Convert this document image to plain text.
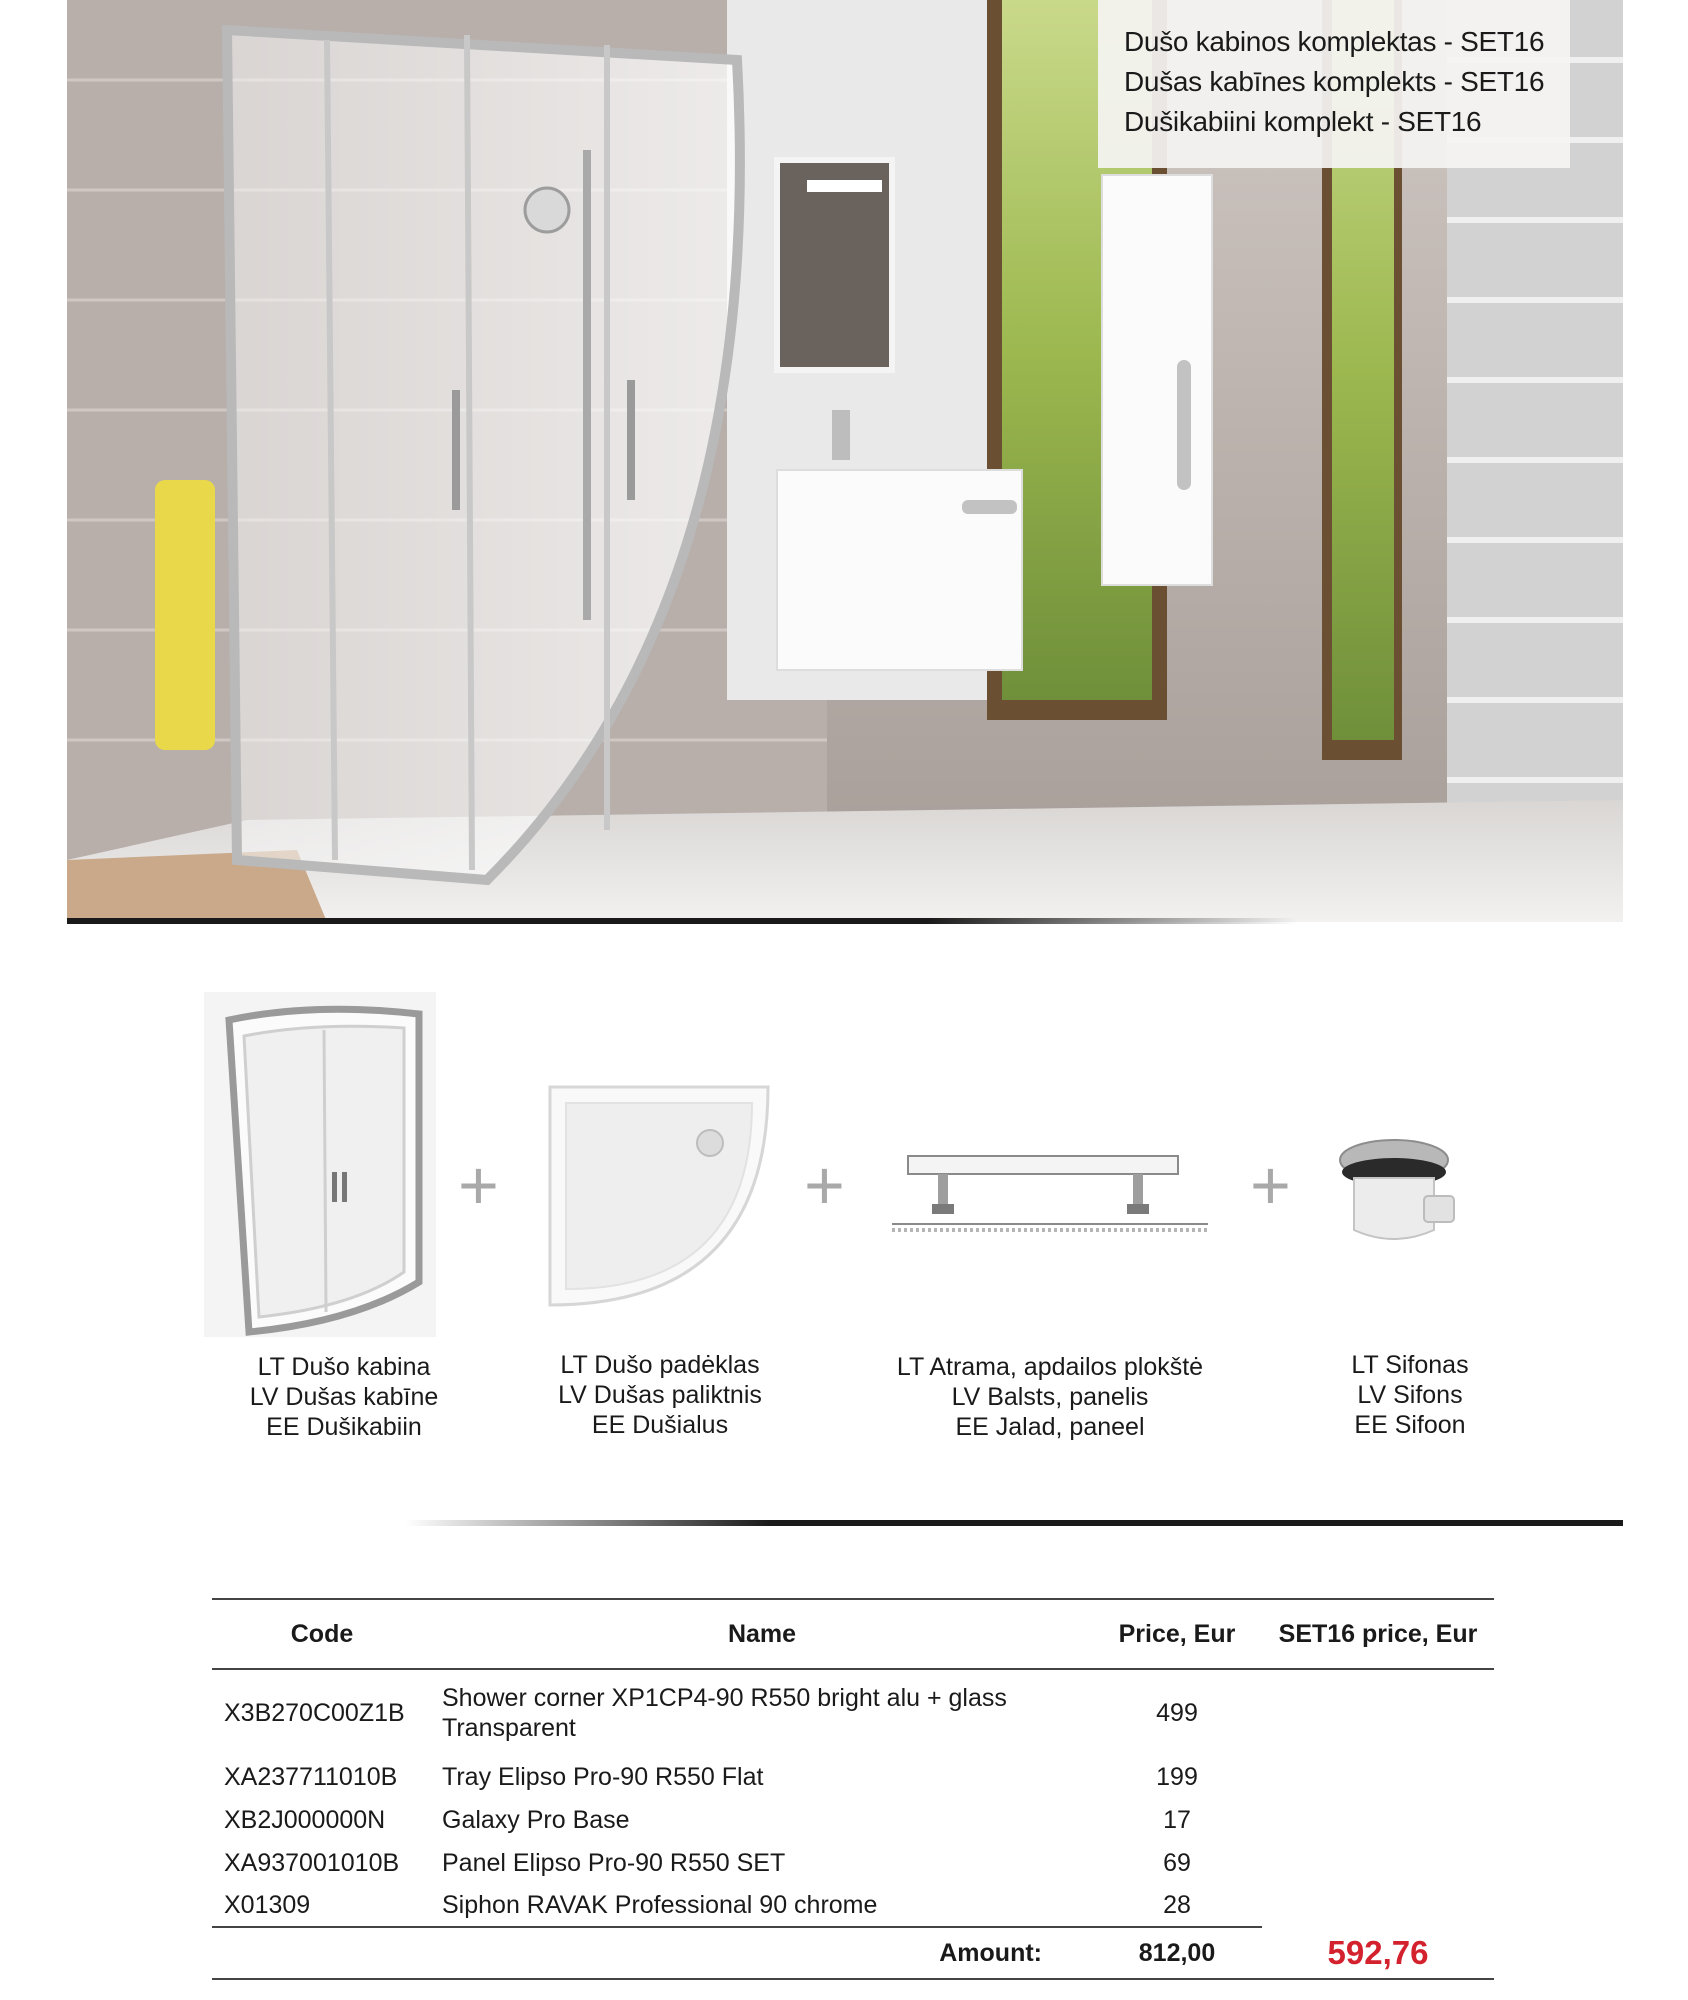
Dušo kabinos komplektas - SET16
Dušas kabīnes komplekts - SET16
Dušikabiini komplekt - SET16
+	+	+
LT Dušo kabina
LV Dušas kabīne
EE Dušikabiin
LT Dušo padėklas
LV Dušas paliktnis
EE Dušialus
LT Atrama, apdailos plokštė
LV Balsts, panelis
EE Jalad, paneel
LT Sifonas
LV Sifons
EE Sifoon
Code	Name	Price, Eur	SET16 price, Eur
X3B270C00Z1B	Shower corner XP1CP4-90 R550 bright alu + glass
Transparent	499	
XA237711010B	Tray Elipso Pro-90 R550 Flat	199	
XB2J000000N	Galaxy Pro Base	17	
XA937001010B	Panel Elipso Pro-90 R550 SET	69	
X01309	Siphon RAVAK Professional 90 chrome	28	
Amount:		812,00	592,76
